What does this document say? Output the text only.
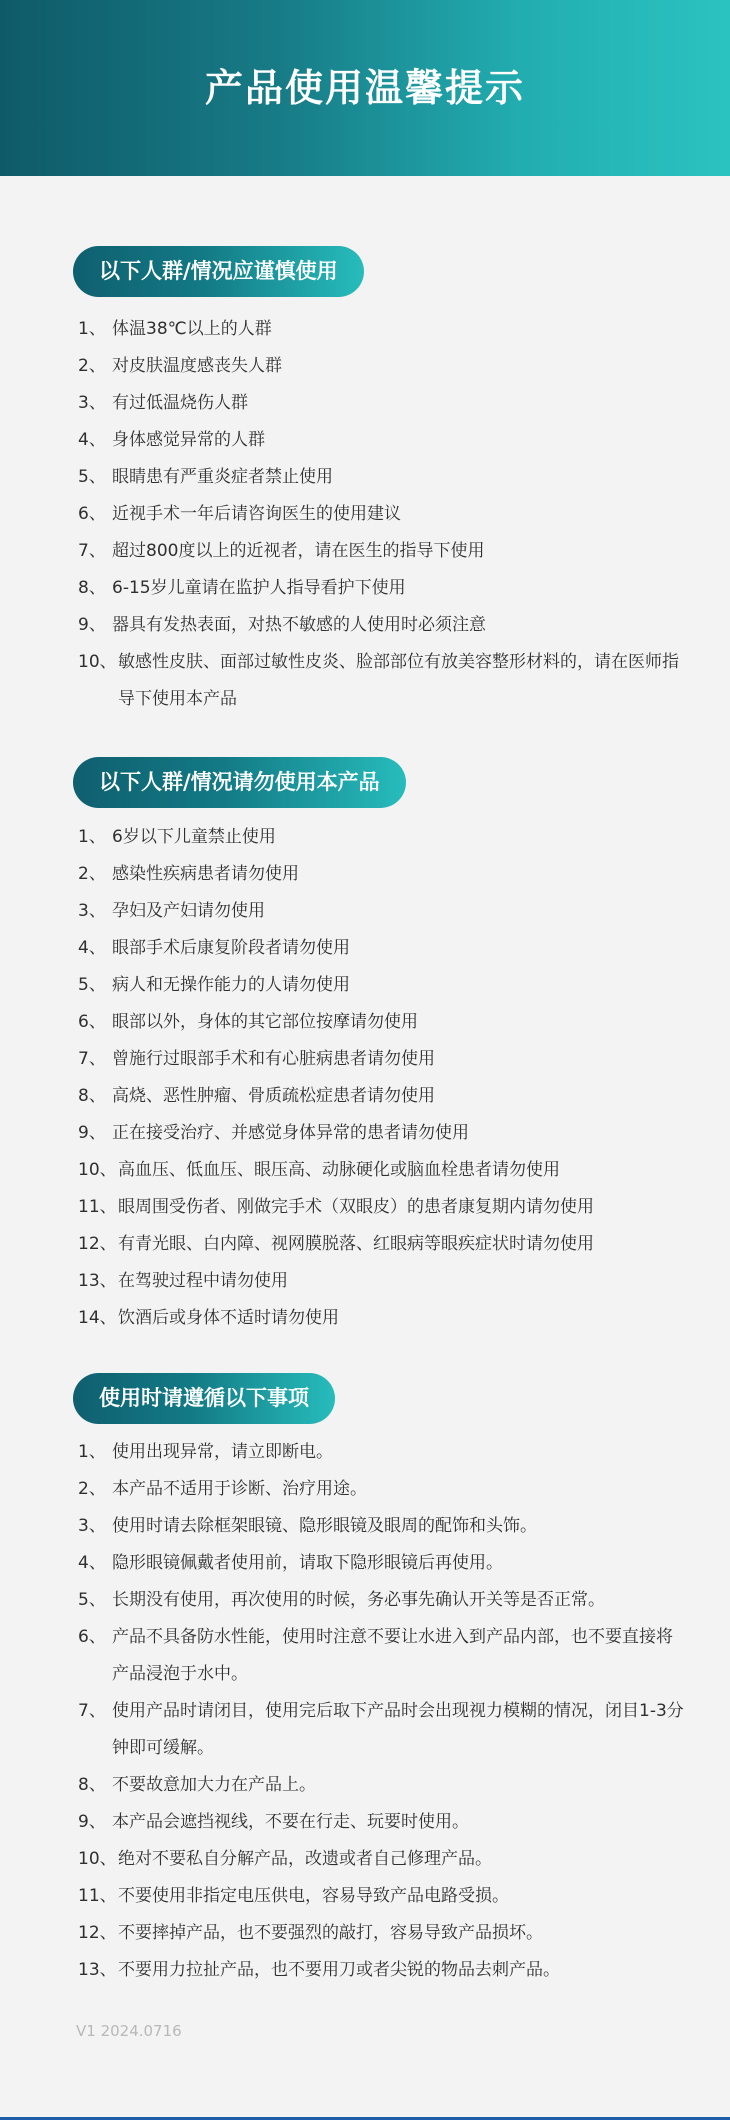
产品使用温馨提示
以下人群/情况应谨慎使用
1、 体温38℃以上的人群
2、 对皮肤温度感丧失人群
3、 有过低温烧伤人群
4、 身体感觉异常的人群
5、 眼睛患有严重炎症者禁止使用
6、 近视手术一年后请咨询医生的使用建议
7、 超过800度以上的近视者，请在医生的指导下使用
8、 6-15岁儿童请在监护人指导看护下使用
9、 器具有发热表面，对热不敏感的人使用时必须注意
10、 敏感性皮肤、面部过敏性皮炎、脸部部位有放美容整形材料的，请在医师指导下使用本产品
以下人群/情况请勿使用本产品
1、 6岁以下儿童禁止使用
2、 感染性疾病患者请勿使用
3、 孕妇及产妇请勿使用
4、 眼部手术后康复阶段者请勿使用
5、 病人和无操作能力的人请勿使用
6、 眼部以外，身体的其它部位按摩请勿使用
7、 曾施行过眼部手术和有心脏病患者请勿使用
8、 高烧、恶性肿瘤、骨质疏松症患者请勿使用
9、 正在接受治疗、并感觉身体异常的患者请勿使用
10、 高血压、低血压、眼压高、动脉硬化或脑血栓患者请勿使用
11、 眼周围受伤者、刚做完手术（双眼皮）的患者康复期内请勿使用
12、 有青光眼、白内障、视网膜脱落、红眼病等眼疾症状时请勿使用
13、 在驾驶过程中请勿使用
14、 饮酒后或身体不适时请勿使用
使用时请遵循以下事项
1、 使用出现异常，请立即断电。
2、 本产品不适用于诊断、治疗用途。
3、 使用时请去除框架眼镜、隐形眼镜及眼周的配饰和头饰。
4、 隐形眼镜佩戴者使用前，请取下隐形眼镜后再使用。
5、 长期没有使用，再次使用的时候，务必事先确认开关等是否正常。
6、 产品不具备防水性能，使用时注意不要让水进入到产品内部，也不要直接将产品浸泡于水中。
7、 使用产品时请闭目，使用完后取下产品时会出现视力模糊的情况，闭目1-3分钟即可缓解。
8、 不要故意加大力在产品上。
9、 本产品会遮挡视线，不要在行走、玩要时使用。
10、 绝对不要私自分解产品，改遗或者自己修理产品。
11、 不要使用非指定电压供电，容易导致产品电路受损。
12、 不要摔掉产品，也不要强烈的敲打，容易导致产品损坏。
13、 不要用力拉扯产品，也不要用刀或者尖锐的物品去刺产品。
V1 2024.0716
